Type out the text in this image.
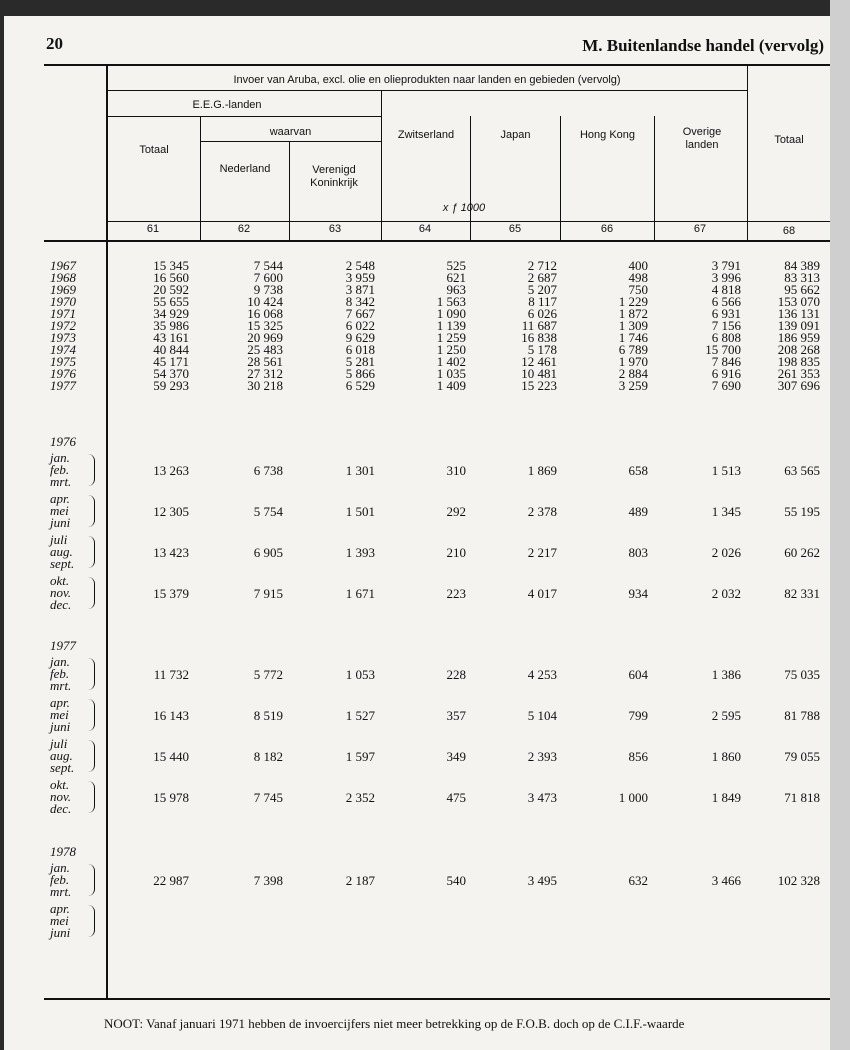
20	M. Buitenlandse handel (vervolg)
Invoer van Aruba, excl. olie en olieprodukten naar landen en gebieden (vervolg)
E.E.G.-landen
waarvan
Totaal
Nederland	Verenigd Koninkrijk
Zwitserland	Japan	Hong Kong	Overige landen	Totaal
x ƒ 1000
61	62	63	64	65	66	67	68
1967	15 345	7 544	2 548	525	2 712	400	3 791	84 389
1968	16 560	7 600	3 959	621	2 687	498	3 996	83 313
1969	20 592	9 738	3 871	963	5 207	750	4 818	95 662
1970	55 655	10 424	8 342	1 563	8 117	1 229	6 566	153 070
1971	34 929	16 068	7 667	1 090	6 026	1 872	6 931	136 131
1972	35 986	15 325	6 022	1 139	11 687	1 309	7 156	139 091
1973	43 161	20 969	9 629	1 259	16 838	1 746	6 808	186 959
1974	40 844	25 483	6 018	1 250	5 178	6 789	15 700	208 268
1975	45 171	28 561	5 281	1 402	12 461	1 970	7 846	198 835
1976	54 370	27 312	5 866	1 035	10 481	2 884	6 916	261 353
1977	59 293	30 218	6 529	1 409	15 223	3 259	7 690	307 696
1976
jan.
feb.
mrt.
13 263	6 738	1 301	310	1 869	658	1 513	63 565
apr.
mei
juni
12 305	5 754	1 501	292	2 378	489	1 345	55 195
juli
aug.
sept.
13 423	6 905	1 393	210	2 217	803	2 026	60 262
okt.
nov.
dec.
15 379	7 915	1 671	223	4 017	934	2 032	82 331
1977
jan.
feb.
mrt.
11 732	5 772	1 053	228	4 253	604	1 386	75 035
apr.
mei
juni
16 143	8 519	1 527	357	5 104	799	2 595	81 788
juli
aug.
sept.
15 440	8 182	1 597	349	2 393	856	1 860	79 055
okt.
nov.
dec.
15 978	7 745	2 352	475	3 473	1 000	1 849	71 818
1978
jan.
feb.
mrt.
22 987	7 398	2 187	540	3 495	632	3 466	102 328
apr.
mei
juni
NOOT: Vanaf januari 1971 hebben de invoercijfers niet meer betrekking op de F.O.B. doch op de C.I.F.-waarde
